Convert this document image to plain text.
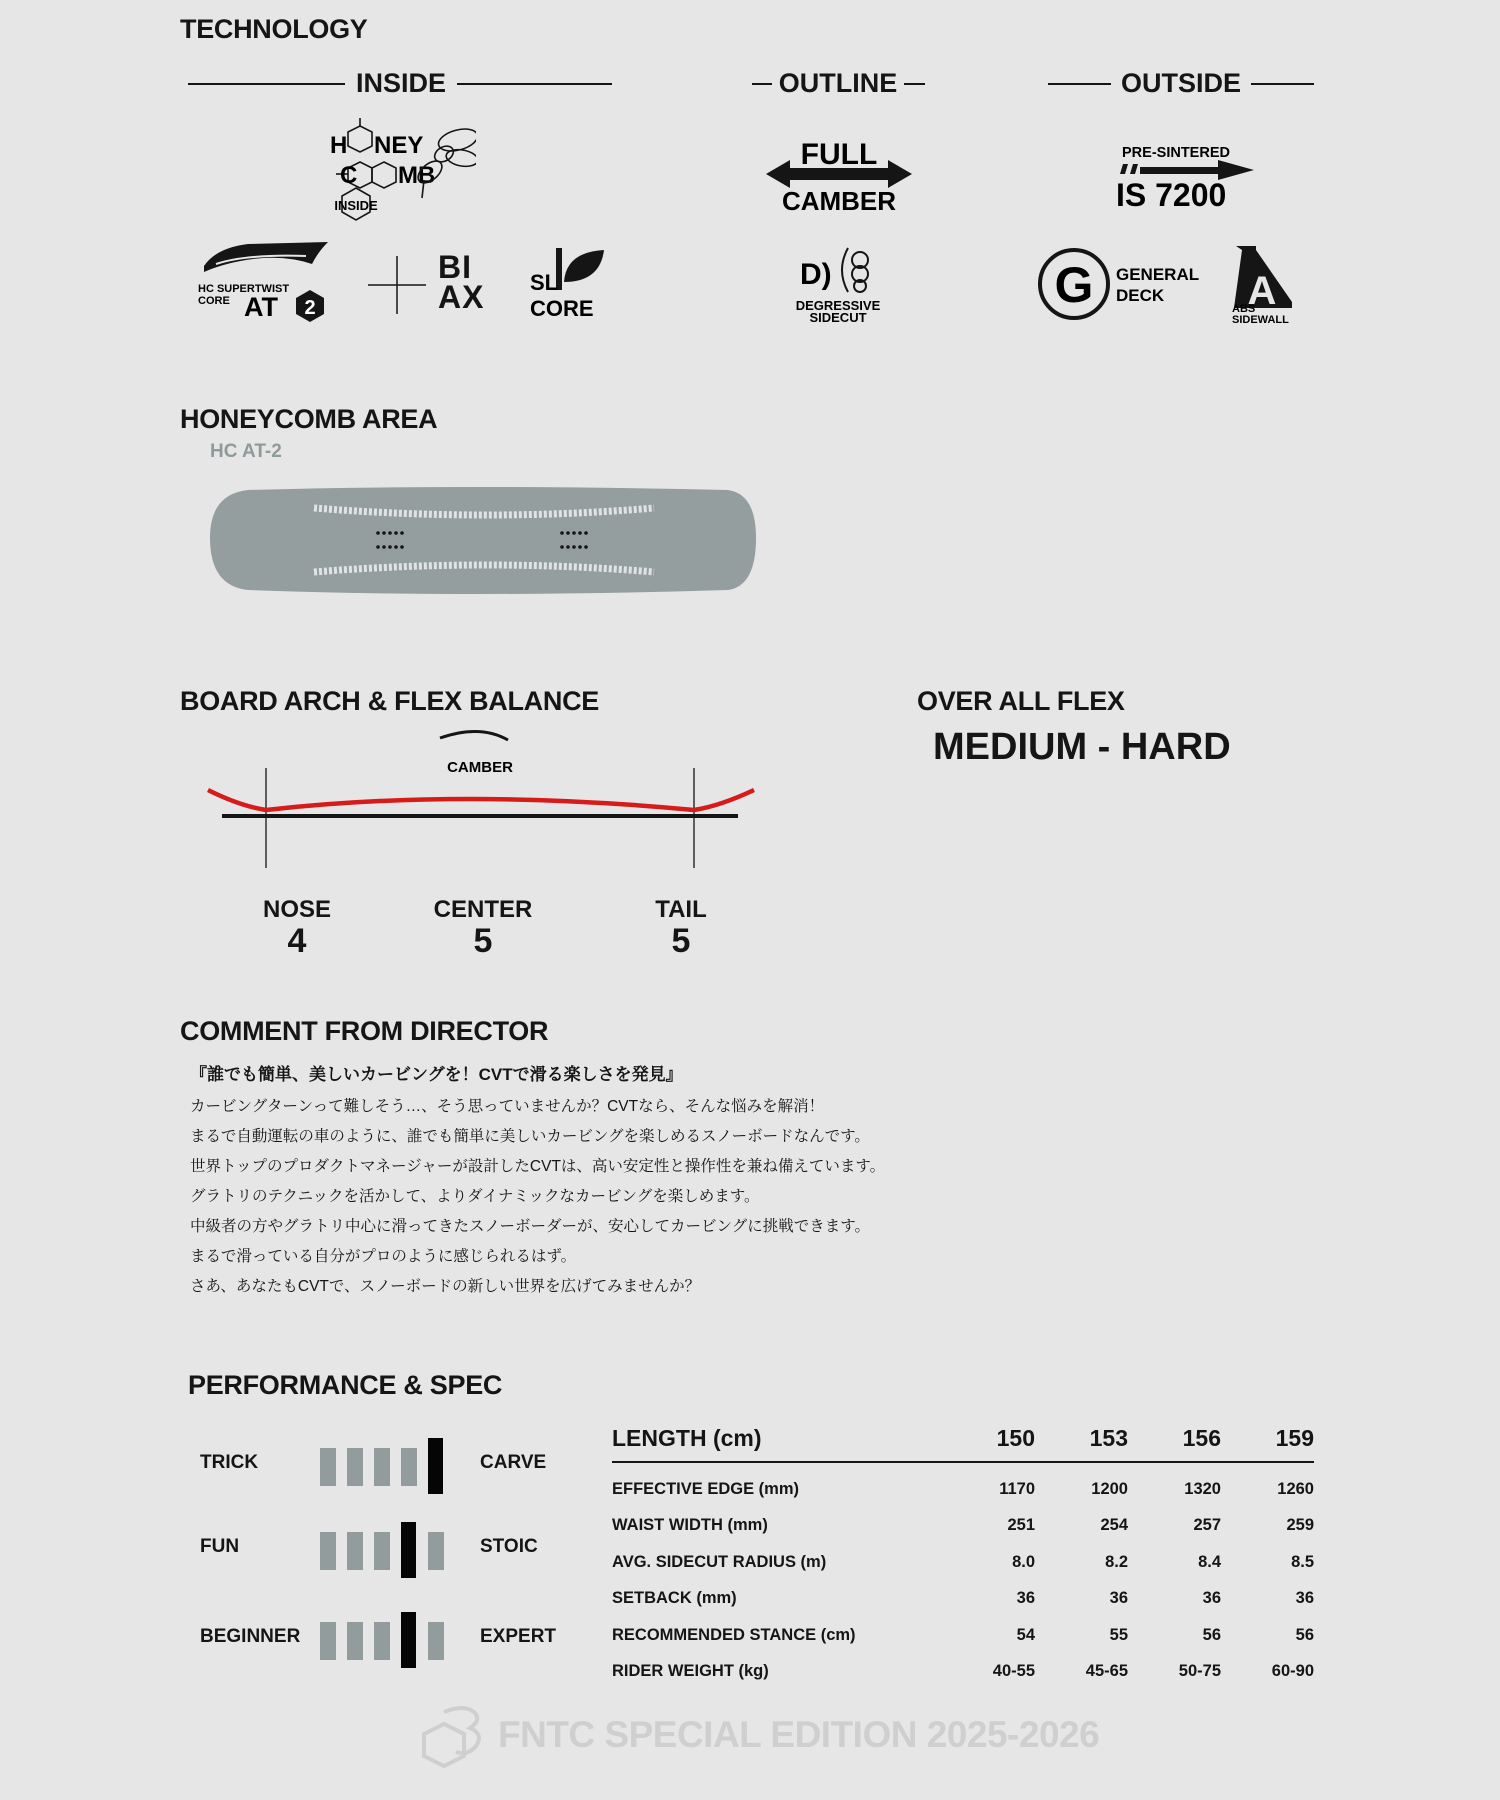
TECHNOLOGY
INSIDE	OUTLINE	OUTSIDE
H NEY
C MB
INSIDE
HC SUPERTWIST
CORE AT 2
BI
AX SL
CORE
FULL
CAMBER
D)
DEGRESSIVE
SIDECUT
PRE-SINTERED
IS 7200
G GENERAL
DECK A
ABS
SIDEWALL
HONEYCOMB AREA
HC AT-2
BOARD ARCH & FLEX BALANCE
CAMBER
NOSE
4
CENTER
5
TAIL
5
OVER ALL FLEX
MEDIUM - HARD
COMMENT FROM DIRECTOR

『誰でも簡単、美しいカービングを！CVTで滑る楽しさを発見』

カービングターンって難しそう…、そう思っていませんか？CVTなら、そんな悩みを解消！

まるで自動運転の車のように、誰でも簡単に美しいカービングを楽しめるスノーボードなんです。

世界トップのプロダクトマネージャーが設計したCVTは、高い安定性と操作性を兼ね備えています。

グラトリのテクニックを活かして、よりダイナミックなカービングを楽しめます。

中級者の方やグラトリ中心に滑ってきたスノーボーダーが、安心してカービングに挑戦できます。

まるで滑っている自分がプロのように感じられるはず。

さあ、あなたもCVTで、スノーボードの新しい世界を広げてみませんか？

PERFORMANCE & SPEC
TRICK	CARVE
FUN	STOIC
BEGINNER	EXPERT
LENGTH (cm)	150	153	156	159

EFFECTIVE EDGE (mm)	1170	1200	1320	1260
WAIST WIDTH (mm)	251	254	257	259
AVG. SIDECUT RADIUS (m)	8.0	8.2	8.4	8.5
SETBACK (mm)	36	36	36	36
RECOMMENDED STANCE (cm)	54	55	56	56
RIDER WEIGHT (kg)	40-55	45-65	50-75	60-90
FNTC SPECIAL EDITION 2025-2026
